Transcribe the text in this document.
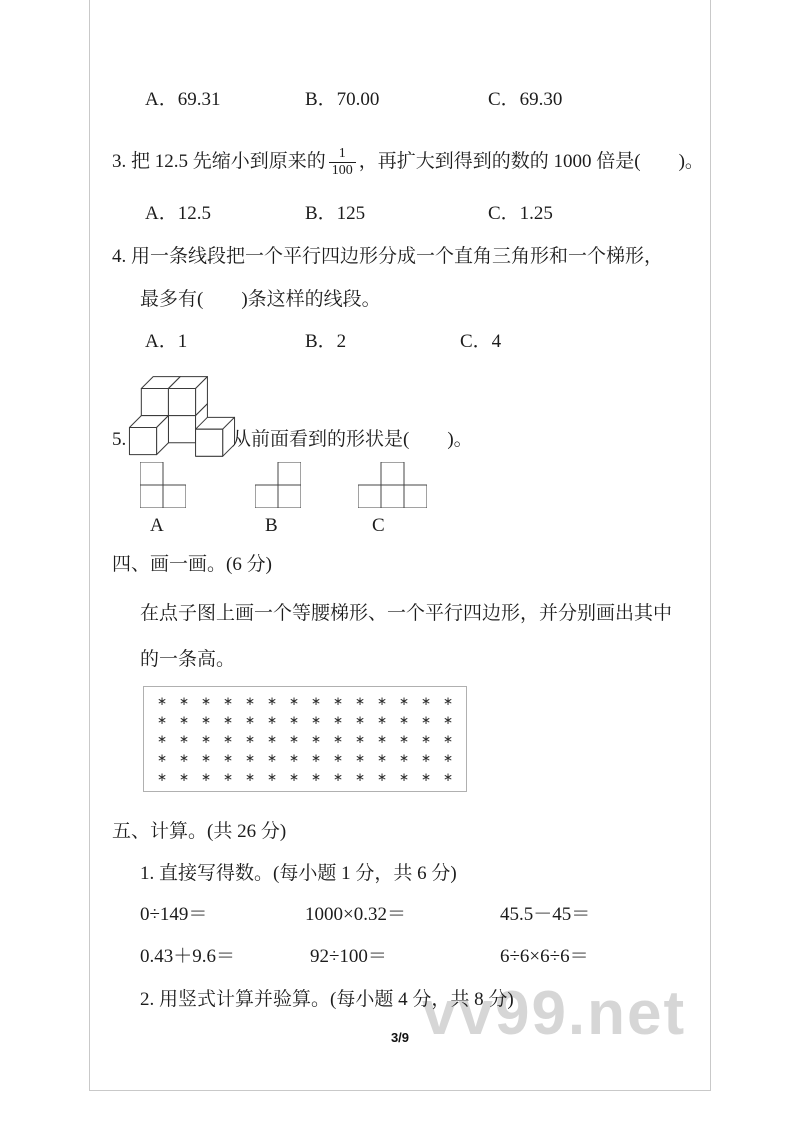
A．69.31	B．70.00	C．69.30
3. 把 12.5 先缩小到原来的 $\frac{1}{100}$ ，再扩大到得到的数的 1000 倍是(　　)。
A．12.5	B．125	C．1.25
4. 用一条线段把一个平行四边形分成一个直角三角形和一个梯形，
最多有(　　)条这样的线段。
A．1	B．2	C．4
5.	从前面看到的形状是(　　)。
A	B	C
四、画一画。(6 分)
在点子图上画一个等腰梯形、一个平行四边形，并分别画出其中
的一条高。
∗ ∗ ∗ ∗ ∗ ∗ ∗ ∗ ∗ ∗ ∗ ∗ ∗ ∗
∗ ∗ ∗ ∗ ∗ ∗ ∗ ∗ ∗ ∗ ∗ ∗ ∗ ∗
∗ ∗ ∗ ∗ ∗ ∗ ∗ ∗ ∗ ∗ ∗ ∗ ∗ ∗
∗ ∗ ∗ ∗ ∗ ∗ ∗ ∗ ∗ ∗ ∗ ∗ ∗ ∗
∗ ∗ ∗ ∗ ∗ ∗ ∗ ∗ ∗ ∗ ∗ ∗ ∗ ∗
五、计算。(共 26 分)
1. 直接写得数。(每小题 1 分，共 6 分)
0÷149＝	1000×0.32＝	45.5－45＝
0.43＋9.6＝	92÷100＝	6÷6×6÷6＝
2. 用竖式计算并验算。(每小题 4 分，共 8 分)
vv99.net
3/9
